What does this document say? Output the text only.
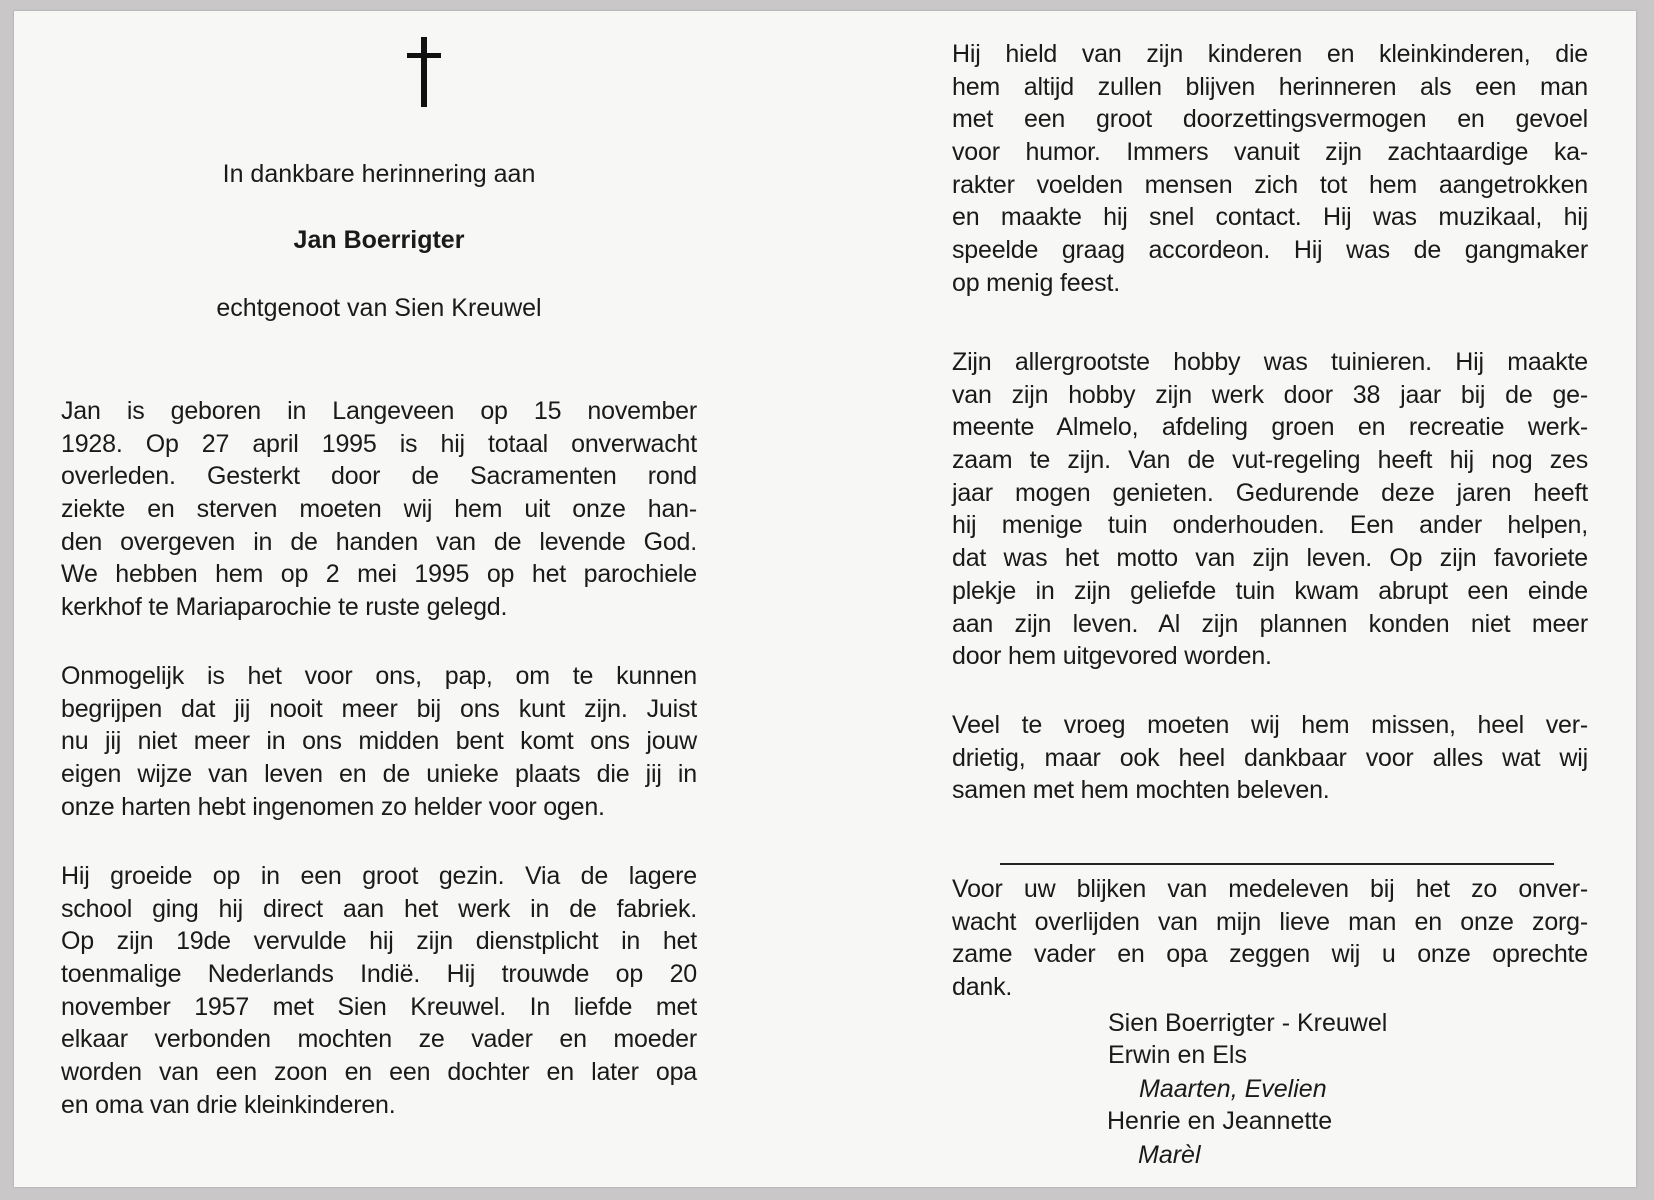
In dankbare herinnering aan
Jan Boerrigter
echtgenoot van Sien Kreuwel
Jan is geboren in Langeveen op 15 november
1928. Op 27 april 1995 is hij totaal onverwacht
overleden. Gesterkt door de Sacramenten rond
ziekte en sterven moeten wij hem uit onze han-
den overgeven in de handen van de levende God.
We hebben hem op 2 mei 1995 op het parochiele
kerkhof te Mariaparochie te ruste gelegd.
Onmogelijk is het voor ons, pap, om te kunnen
begrijpen dat jij nooit meer bij ons kunt zijn. Juist
nu jij niet meer in ons midden bent komt ons jouw
eigen wijze van leven en de unieke plaats die jij in
onze harten hebt ingenomen zo helder voor ogen.
Hij groeide op in een groot gezin. Via de lagere
school ging hij direct aan het werk in de fabriek.
Op zijn 19de vervulde hij zijn dienstplicht in het
toenmalige Nederlands Indië. Hij trouwde op 20
november 1957 met Sien Kreuwel. In liefde met
elkaar verbonden mochten ze vader en moeder
worden van een zoon en een dochter en later opa
en oma van drie kleinkinderen.
Hij hield van zijn kinderen en kleinkinderen, die
hem altijd zullen blijven herinneren als een man
met een groot doorzettingsvermogen en gevoel
voor humor. Immers vanuit zijn zachtaardige ka-
rakter voelden mensen zich tot hem aangetrokken
en maakte hij snel contact. Hij was muzikaal, hij
speelde graag accordeon. Hij was de gangmaker
op menig feest.
Zijn allergrootste hobby was tuinieren. Hij maakte
van zijn hobby zijn werk door 38 jaar bij de ge-
meente Almelo, afdeling groen en recreatie werk-
zaam te zijn. Van de vut-regeling heeft hij nog zes
jaar mogen genieten. Gedurende deze jaren heeft
hij menige tuin onderhouden. Een ander helpen,
dat was het motto van zijn leven. Op zijn favoriete
plekje in zijn geliefde tuin kwam abrupt een einde
aan zijn leven. Al zijn plannen konden niet meer
door hem uitgevored worden.
Veel te vroeg moeten wij hem missen, heel ver-
drietig, maar ook heel dankbaar voor alles wat wij
samen met hem mochten beleven.
Voor uw blijken van medeleven bij het zo onver-
wacht overlijden van mijn lieve man en onze zorg-
zame vader en opa zeggen wij u onze oprechte
dank.
Sien Boerrigter - Kreuwel
Erwin en Els
Maarten, Evelien
Henrie en Jeannette
Marèl
